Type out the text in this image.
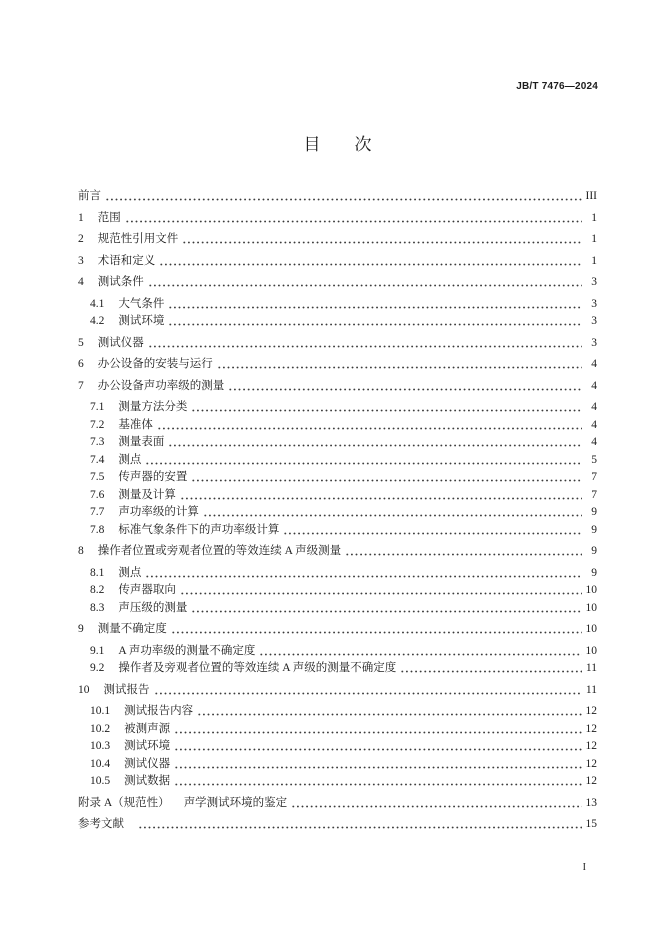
JB/T 7476—2024
目　　次
前言	III
1 范围	1
2 规范性引用文件	1
3 术语和定义	1
4 测试条件	3
4.1 大气条件	3
4.2 测试环境	3
5 测试仪器	3
6 办公设备的安装与运行	4
7 办公设备声功率级的测量	4
7.1 测量方法分类	4
7.2 基准体	4
7.3 测量表面	4
7.4 测点	5
7.5 传声器的安置	7
7.6 测量及计算	7
7.7 声功率级的计算	9
7.8 标准气象条件下的声功率级计算	9
8 操作者位置或旁观者位置的等效连续 A 声级测量	9
8.1 测点	9
8.2 传声器取向	10
8.3 声压级的测量	10
9 测量不确定度	10
9.1 A 声功率级的测量不确定度	10
9.2 操作者及旁观者位置的等效连续 A 声级的测量不确定度	11
10 测试报告	11
10.1 测试报告内容	12
10.2 被测声源	12
10.3 测试环境	12
10.4 测试仪器	12
10.5 测试数据	12
附录 A（规范性） 声学测试环境的鉴定	13
参考文献	15
I
